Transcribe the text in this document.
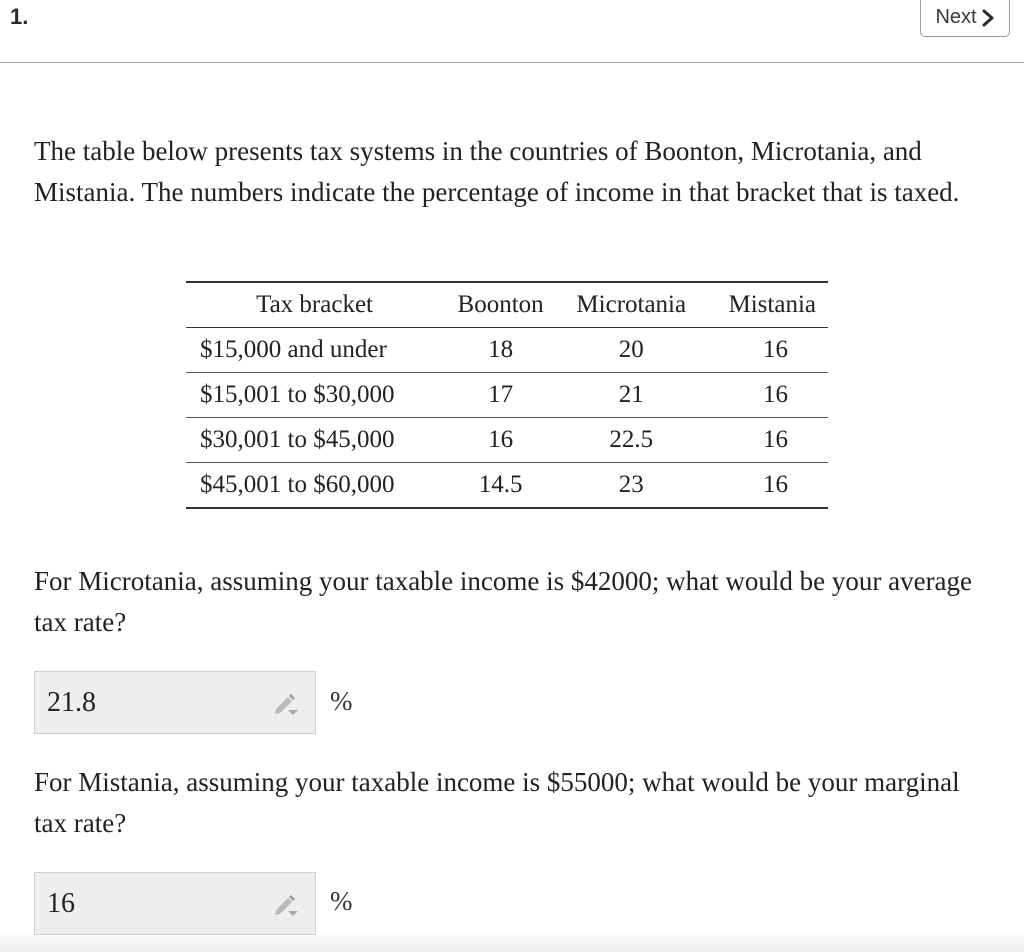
1.	Next

The table below presents tax systems in the countries of Boonton, Microtania, and Mistania. The numbers indicate the percentage of income in that bracket that is taxed.

Tax bracket	Boonton	Microtania	Mistania
$15,000 and under	18	20	16
$15,001 to $30,000	17	21	16
$30,001 to $45,000	16	22.5	16
$45,001 to $60,000	14.5	23	16

For Microtania, assuming your taxable income is $42000; what would be your average tax rate?

21.8	%

For Mistania, assuming your taxable income is $55000; what would be your marginal tax rate?

16	%
